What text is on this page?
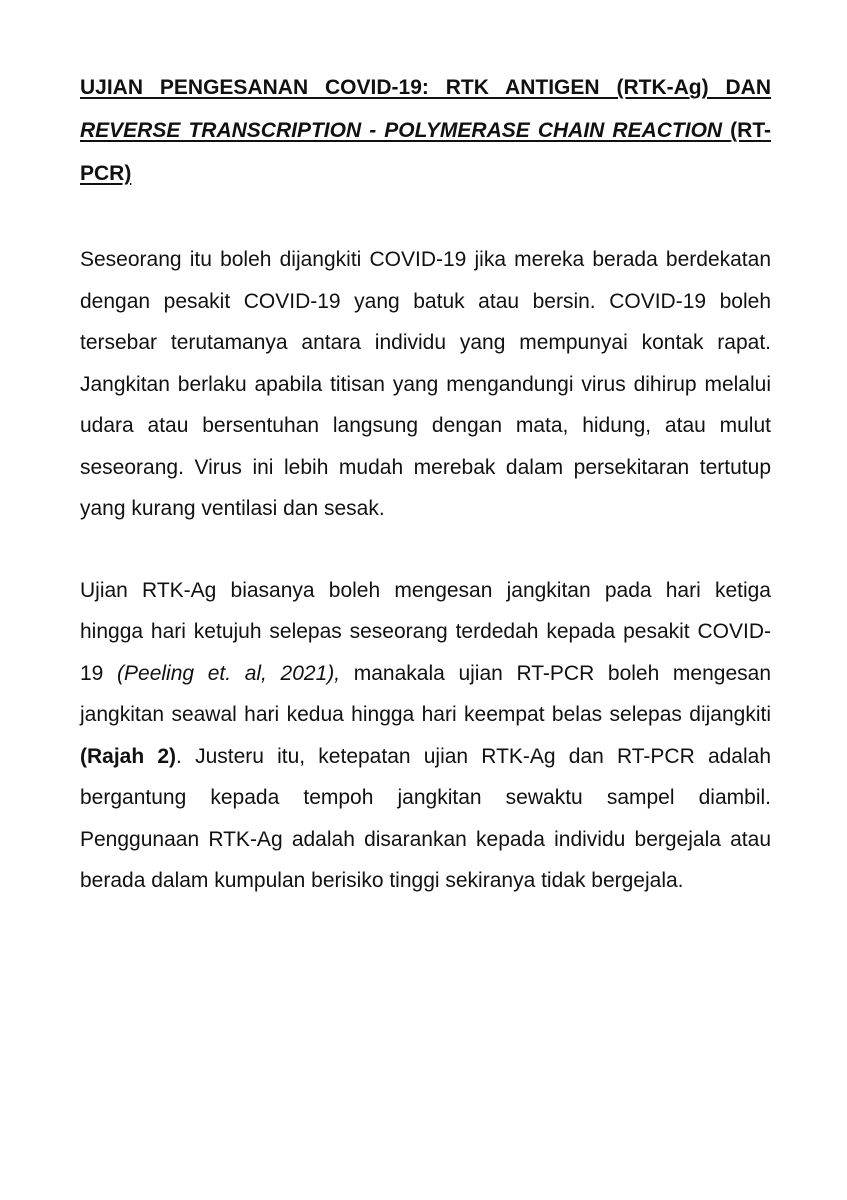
UJIAN PENGESANAN COVID-19: RTK ANTIGEN (RTK-Ag) DAN REVERSE TRANSCRIPTION - POLYMERASE CHAIN REACTION (RT-PCR)

Seseorang itu boleh dijangkiti COVID-19 jika mereka berada berdekatan dengan pesakit COVID-19 yang batuk atau bersin. COVID-19 boleh tersebar terutamanya antara individu yang mempunyai kontak rapat. Jangkitan berlaku apabila titisan yang mengandungi virus dihirup melalui udara atau bersentuhan langsung dengan mata, hidung, atau mulut seseorang. Virus ini lebih mudah merebak dalam persekitaran tertutup yang kurang ventilasi dan sesak.

Ujian RTK-Ag biasanya boleh mengesan jangkitan pada hari ketiga hingga hari ketujuh selepas seseorang terdedah kepada pesakit COVID-19 (Peeling et. al, 2021), manakala ujian RT-PCR boleh mengesan jangkitan seawal hari kedua hingga hari keempat belas selepas dijangkiti (Rajah 2). Justeru itu, ketepatan ujian RTK-Ag dan RT-PCR adalah bergantung kepada tempoh jangkitan sewaktu sampel diambil. Penggunaan RTK-Ag adalah disarankan kepada individu bergejala atau berada dalam kumpulan berisiko tinggi sekiranya tidak bergejala.
